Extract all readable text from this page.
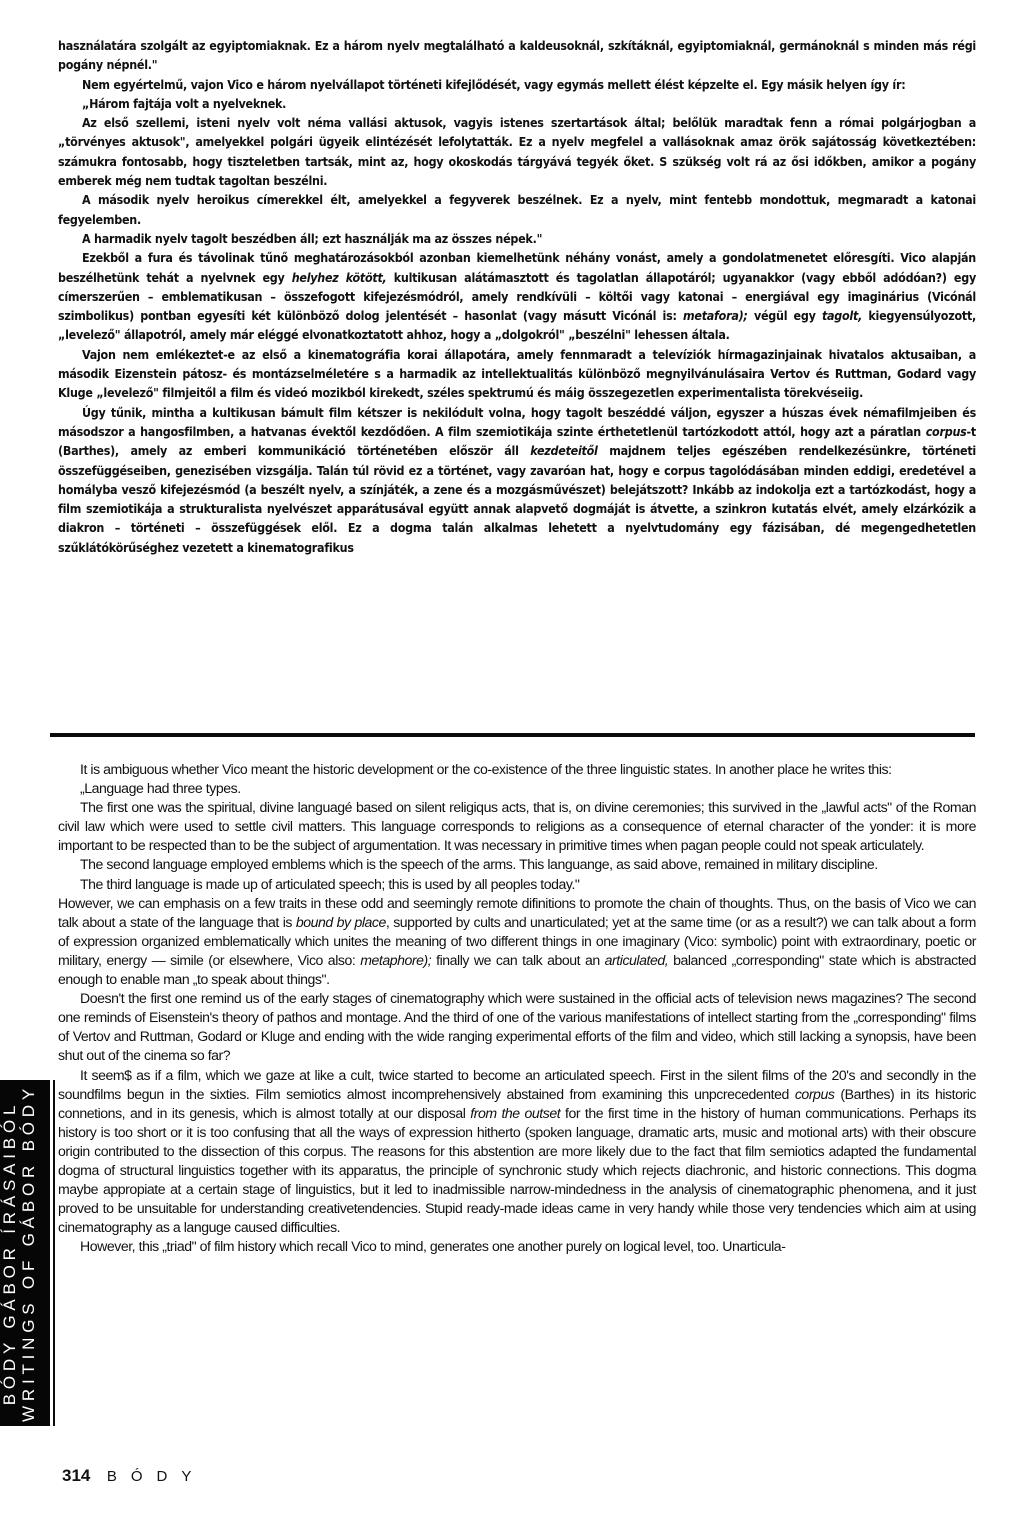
használatára szolgált az egyiptomiaknak. Ez a három nyelv megtalálható a kaldeusoknál, szkítáknál, egyiptomiaknál, germánoknál s minden más régi pogány népnél."

Nem egyértelmű, vajon Vico e három nyelvállapot történeti kifejlődését, vagy egymás mellett élést képzelte el. Egy másik helyen így ír:

„Három fajtája volt a nyelveknek.

Az első szellemi, isteni nyelv volt néma vallási aktusok, vagyis istenes szertartások által; belőlük maradtak fenn a római polgárjogban a „törvényes aktusok", amelyekkel polgári ügyeik elintézését lefolytatták. Ez a nyelv megfelel a vallásoknak amaz örök sajátosság következtében: számukra fontosabb, hogy tiszteletben tartsák, mint az, hogy okoskodás tárgyává tegyék őket. S szükség volt rá az ősi időkben, amikor a pogány emberek még nem tudtak tagoltan beszélni.

A második nyelv heroikus címerekkel élt, amelyekkel a fegyverek beszélnek. Ez a nyelv, mint fentebb mondottuk, megmaradt a katonai fegyelemben.

A harmadik nyelv tagolt beszédben áll; ezt használják ma az összes népek."

Ezekből a fura és távolinak tűnő meghatározásokból azonban kiemelhetünk néhány vonást, amely a gondolatmenetet előresgíti. Vico alapján beszélhetünk tehát a nyelvnek egy helyhez kötött, kultikusan alátámasztott és tagolatlan állapotáról; ugyanakkor (vagy ebből adódóan?) egy címerszerűen – emblematikusan – összefogott kifejezésmódról, amely rendkívüli – költői vagy katonai – energiával egy imaginárius (Vicónál szimbolikus) pontban egyesíti két különböző dolog jelentését – hasonlat (vagy másutt Vicónál is: metafora); végül egy tagolt, kiegyensúlyozott, „levelező" állapotról, amely már eléggé elvonatkoztatott ahhoz, hogy a „dolgokról" „beszélni" lehessen általa.

Vajon nem emlékeztet-e az első a kinematográfia korai állapotára, amely fennmaradt a televíziók hírmagazinjainak hivatalos aktusaiban, a második Eizenstein pátosz- és montázselméletére s a harmadik az intellektualitás különböző megnyilvánulásaira Vertov és Ruttman, Godard vagy Kluge „levelező" filmjeitől a film és videó mozikból kirekedt, széles spektrumú és máig összegezetlen experimentalista törekvéseiig.

Úgy tűnik, mintha a kultikusan bámult film kétszer is nekilódult volna, hogy tagolt beszéddé váljon, egyszer a húszas évek némafilmjeiben és másodszor a hangosfilmben, a hatvanas évektől kezdődően. A film szemiotikája szinte érthetetlenül tartózkodott attól, hogy azt a páratlan corpus-t (Barthes), amely az emberi kommunikáció történetében először áll kezdeteitől majdnem teljes egészében rendelkezésünkre, történeti összefüggéseiben, genezisében vizsgálja. Talán túl rövid ez a történet, vagy zavaróan hat, hogy e corpus tagolódásában minden eddigi, eredetével a homályba vesző kifejezésmód (a beszélt nyelv, a színjáték, a zene és a mozgásművészet) belejátszott? Inkább az indokolja ezt a tartózkodást, hogy a film szemiotikája a strukturalista nyelvészet apparátusával együtt annak alapvető dogmáját is átvette, a szinkron kutatás elvét, amely elzárkózik a diakron – történeti – összefüggések elől. Ez a dogma talán alkalmas lehetett a nyelvtudomány egy fázisában, dé megengedhetetlen szűklátókörűséghez vezetett a kinematografikus

It is ambiguous whether Vico meant the historic development or the co-existence of the three linguistic states. In another place he writes this:

„Language had three types.

The first one was the spiritual, divine languagé based on silent religiqus acts, that is, on divine ceremonies; this survived in the „lawful acts" of the Roman civil law which were used to settle civil matters. This language corresponds to religions as a consequence of eternal character of the yonder: it is more important to be respected than to be the subject of argumentation. It was necessary in primitive times when pagan people could not speak articulately.

The second language employed emblems which is the speech of the arms. This languange, as said above, remained in military discipline.

The third language is made up of articulated speech; this is used by all peoples today."

However, we can emphasis on a few traits in these odd and seemingly remote difinitions to promote the chain of thoughts. Thus, on the basis of Vico we can talk about a state of the language that is bound by place, supported by cults and unarticulated; yet at the same time (or as a result?) we can talk about a form of expression organized emblematically which unites the meaning of two different things in one imaginary (Vico: symbolic) point with extraordinary, poetic or military, energy — simile (or elsewhere, Vico also: metaphore); finally we can talk about an articulated, balanced „corresponding" state which is abstracted enough to enable man „to speak about things".

Doesn't the first one remind us of the early stages of cinematography which were sustained in the official acts of television news magazines? The second one reminds of Eisenstein's theory of pathos and montage. And the third of one of the various manifestations of intellect starting from the „corresponding" films of Vertov and Ruttman, Godard or Kluge and ending with the wide ranging experimental efforts of the film and video, which still lacking a synopsis, have been shut out of the cinema so far?

It seem$ as if a film, which we gaze at like a cult, twice started to become an articulated speech. First in the silent films of the 20's and secondly in the soundfilms begun in the sixties. Film semiotics almost incomprehensively abstained from examining this unpcrecedented corpus (Barthes) in its historic connetions, and in its genesis, which is almost totally at our disposal from the outset for the first time in the history of human communications. Perhaps its history is too short or it is too confusing that all the ways of expression hitherto (spoken language, dramatic arts, music and motional arts) with their obscure origin contributed to the dissection of this corpus. The reasons for this abstention are more likely due to the fact that film semiotics adapted the fundamental dogma of structural linguistics together with its apparatus, the principle of synchronic study which rejects diachronic, and historic connections. This dogma maybe appropiate at a certain stage of linguistics, but it led to inadmissible narrow-mindedness in the analysis of cinematographic phenomena, and it just proved to be unsuitable for understanding creativetendencies. Stupid ready-made ideas came in very handy while those very tendencies which aim at using cinematography as a languge caused difficulties.

However, this „triad" of film history which recall Vico to mind, generates one another purely on logical level, too. Unarticula-

BÓDY GÁBOR ÍRÁSAIBÓL WRITINGS OF GÁBOR BÓDY
314 BÓDY
